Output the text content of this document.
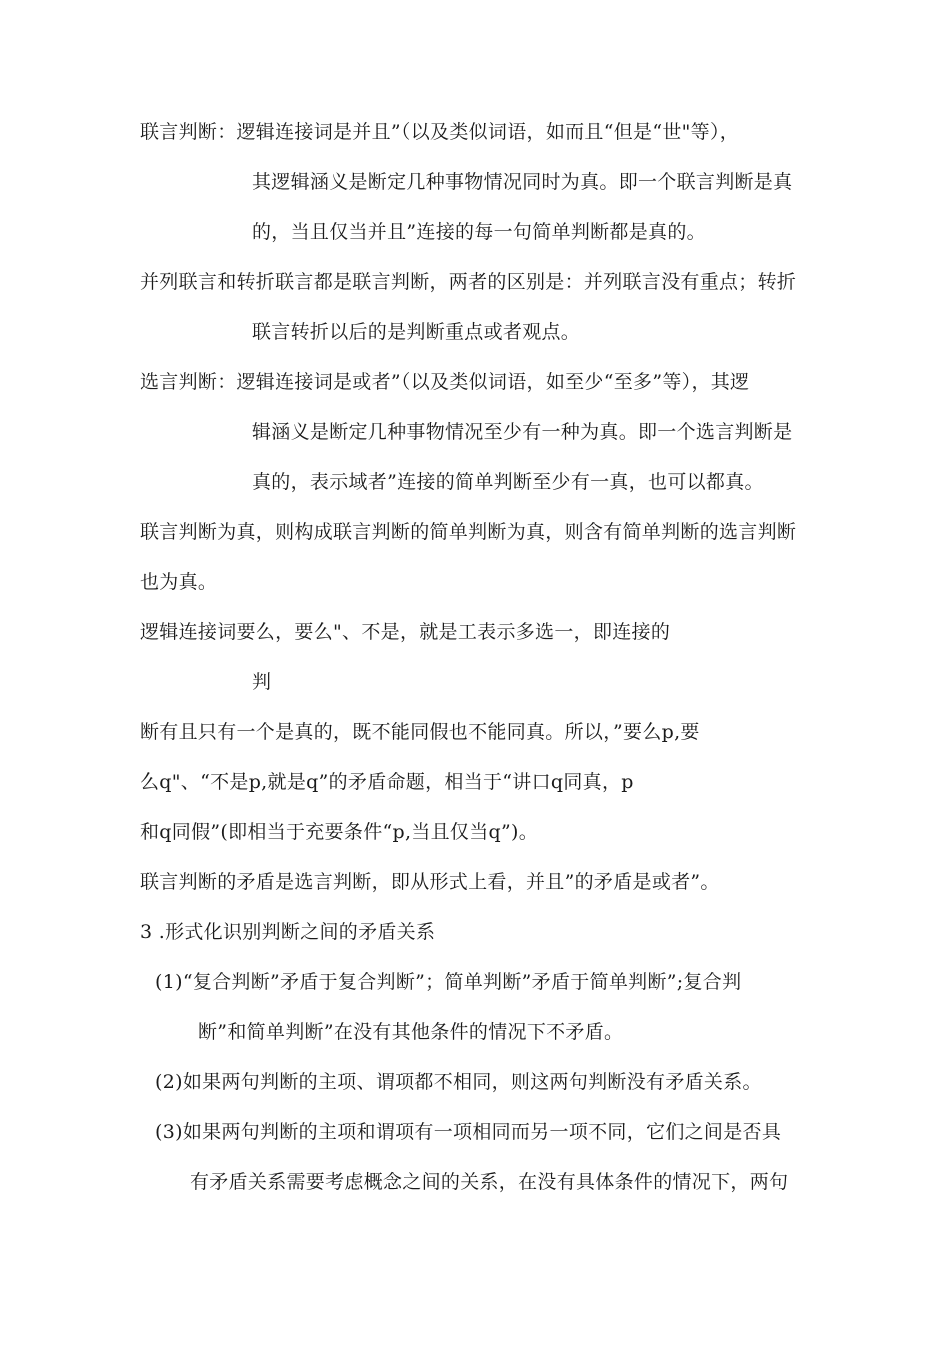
联言判断：逻辑连接词是并且”（以及类似词语，如而且“但是“世"等），
其逻辑涵义是断定几种事物情况同时为真。即一个联言判断是真
的，当且仅当并且”连接的每一句简单判断都是真的。
并列联言和转折联言都是联言判断，两者的区别是：并列联言没有重点；转折
联言转折以后的是判断重点或者观点。
选言判断：逻辑连接词是或者”（以及类似词语，如至少“至多”等），其逻
辑涵义是断定几种事物情况至少有一种为真。即一个选言判断是
真的，表示域者”连接的简单判断至少有一真，也可以都真。
联言判断为真，则构成联言判断的简单判断为真，则含有简单判断的选言判断
也为真。
逻辑连接词要么，要么"、不是，就是工表示多选一，即连接的
判
断有且只有一个是真的，既不能同假也不能同真。所以，”要么p,要
么q"、“不是p,就是q”的矛盾命题，相当于“讲口q同真，p
和q同假”(即相当于充要条件“p,当且仅当q”)。
联言判断的矛盾是选言判断，即从形式上看，并且”的矛盾是或者”。
3 .形式化识别判断之间的矛盾关系
(1)“复合判断”矛盾于复合判断”；简单判断”矛盾于简单判断”;复合判
断”和简单判断”在没有其他条件的情况下不矛盾。
(2)如果两句判断的主项、谓项都不相同，则这两句判断没有矛盾关系。
(3)如果两句判断的主项和谓项有一项相同而另一项不同，它们之间是否具
有矛盾关系需要考虑概念之间的关系，在没有具体条件的情况下，两句
